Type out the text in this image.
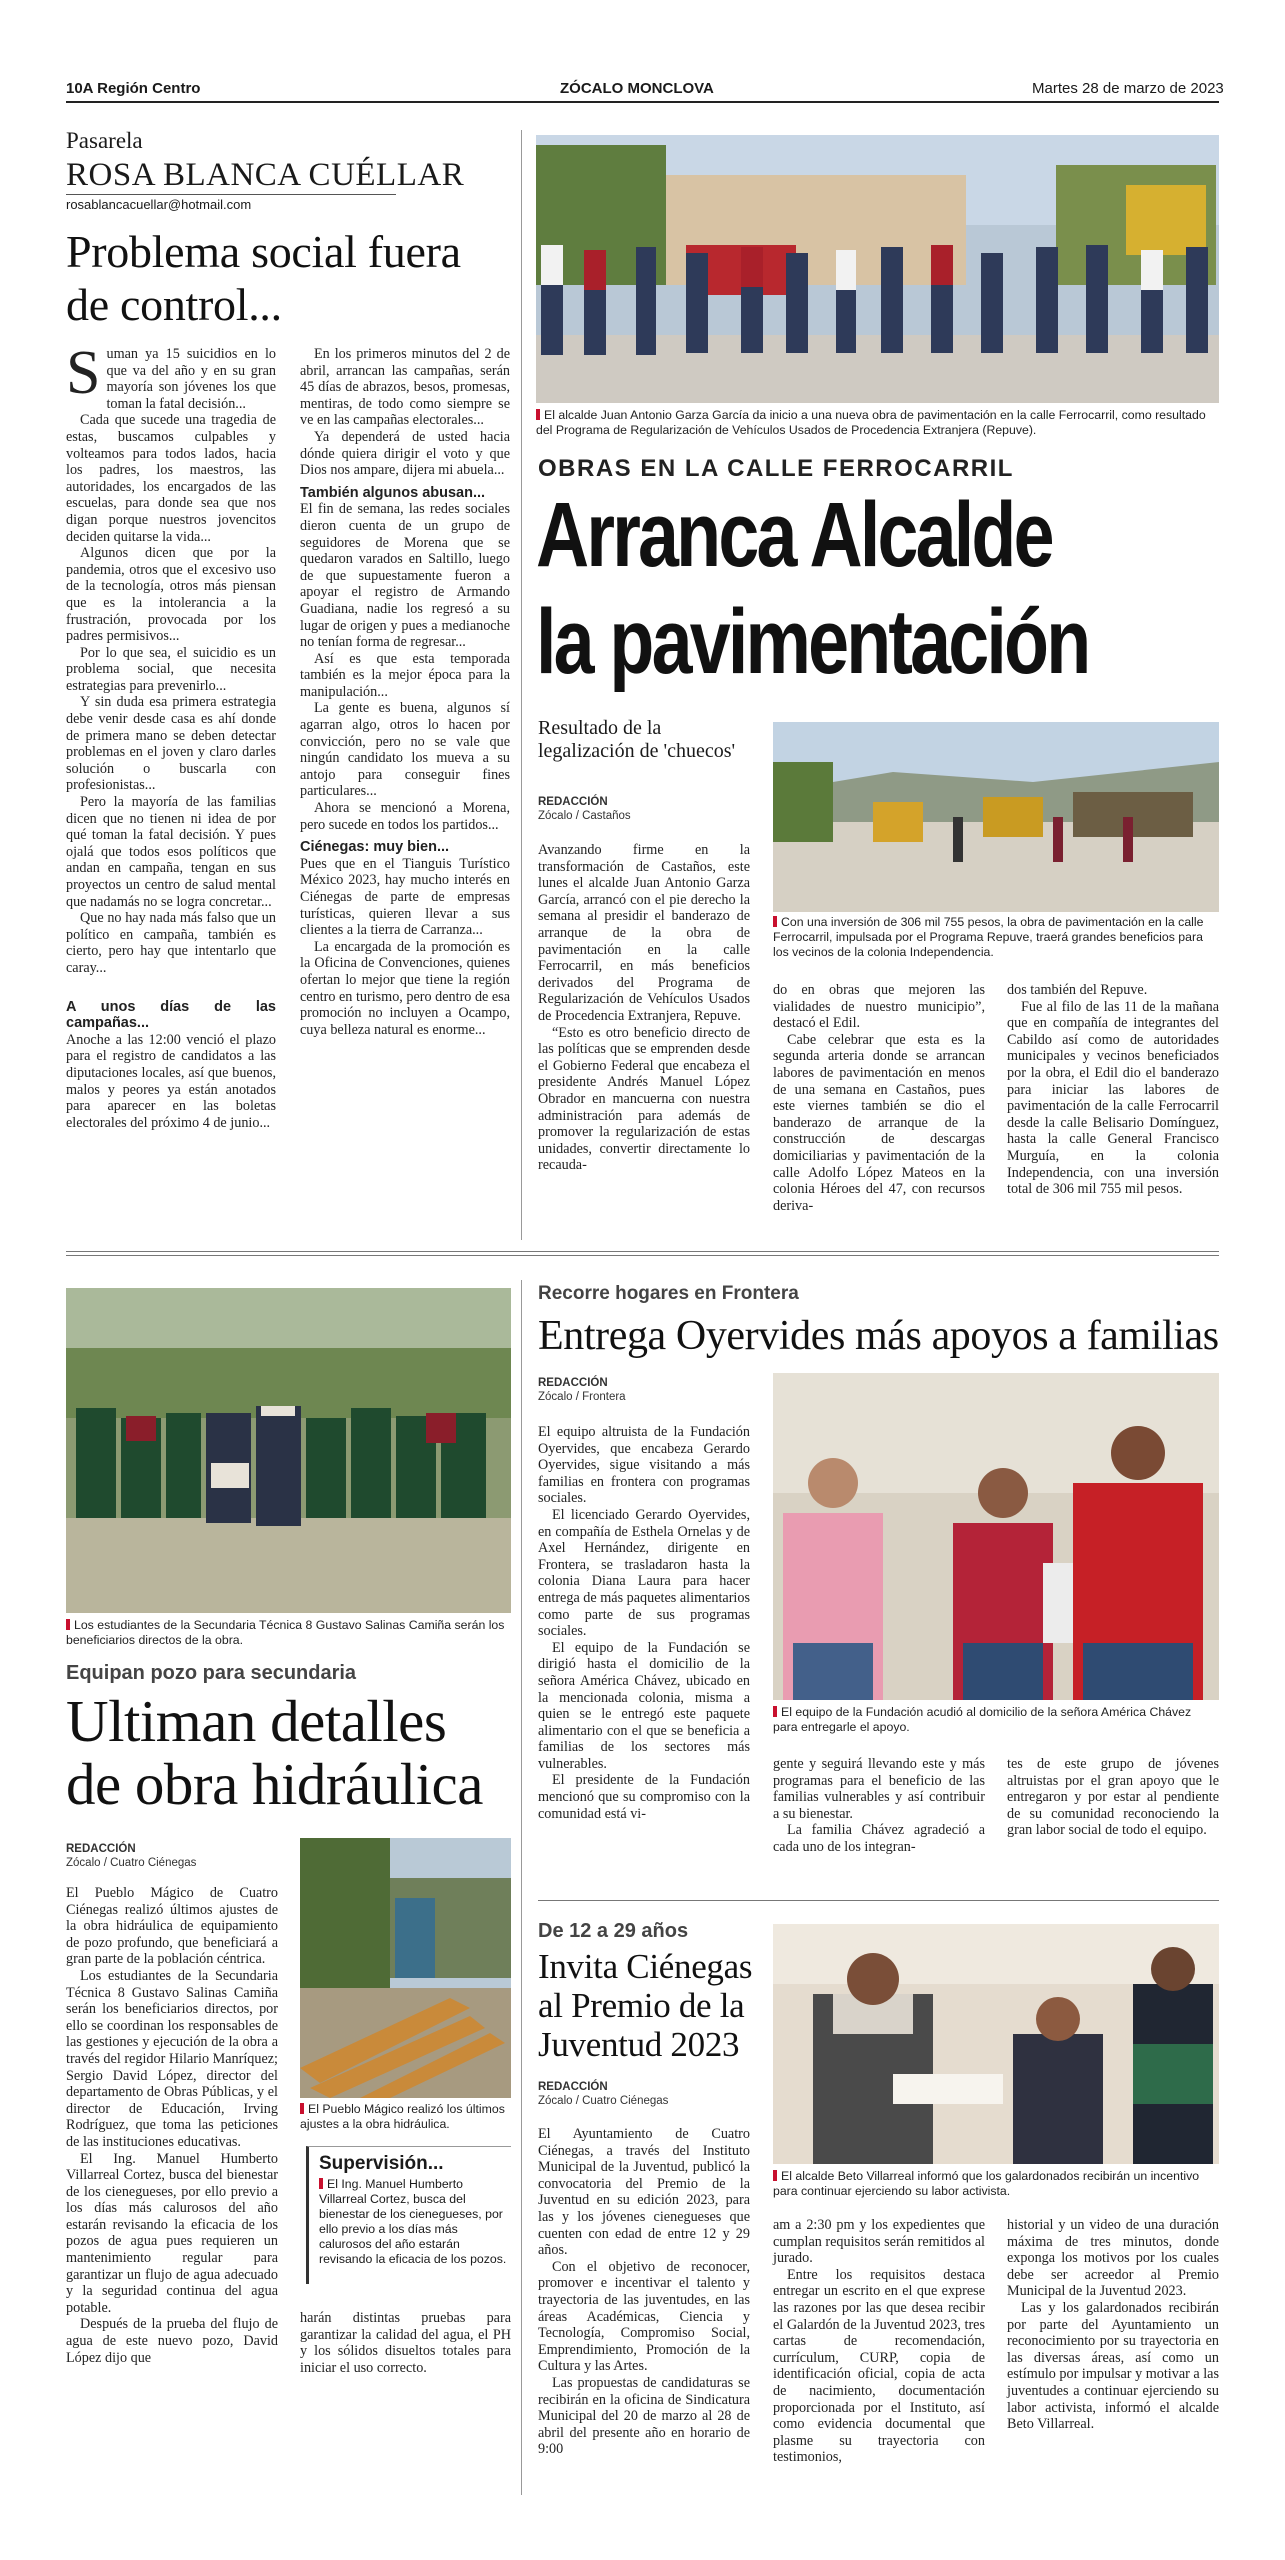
10A Región Centro	ZÓCALO MONCLOVA	Martes 28 de marzo de 2023
Pasarela
ROSA BLANCA CUÉLLAR
rosablancacuellar@hotmail.com
Problema social fuera
de control...
S uman ya 15 suicidios en lo que va del año y en su gran mayoría son jóvenes los que toman la fatal decisión...

Cada que sucede una tragedia de estas, buscamos culpables y volteamos para todos lados, hacia los padres, los maestros, las autoridades, los encargados de las escuelas, para donde sea que nos digan porque nuestros jovencitos deciden quitarse la vida...

Algunos dicen que por la pandemia, otros que el excesivo uso de la tecnología, otros más piensan que es la intolerancia a la frustración, provocada por los padres permisivos...

Por lo que sea, el suicidio es un problema social, que necesita estrategias para prevenirlo...

Y sin duda esa primera estrategia debe venir desde casa es ahí donde de primera mano se deben detectar problemas en el joven y claro darles solución o buscarla con profesionistas...

Pero la mayoría de las familias dicen que no tienen ni idea de por qué toman la fatal decisión. Y pues ojalá que todos esos políticos que andan en campaña, tengan en sus proyectos un centro de salud mental que nadamás no se logra concretar...

Que no hay nada más falso que un político en campaña, también es cierto, pero hay que intentarlo que caray...

A unos días de las campañas...

Anoche a las 12:00 venció el plazo para el registro de candidatos a las diputaciones locales, así que buenos, malos y peores ya están anotados para aparecer en las boletas electorales del próximo 4 de junio...

En los primeros minutos del 2 de abril, arrancan las campañas, serán 45 días de abrazos, besos, promesas, mentiras, de todo como siempre se ve en las campañas electorales...

Ya dependerá de usted hacia dónde quiera dirigir el voto y que Dios nos ampare, dijera mi abuela...

También algunos abusan...

El fin de semana, las redes sociales dieron cuenta de un grupo de seguidores de Morena que se quedaron varados en Saltillo, luego de que supuestamente fueron a apoyar el registro de Armando Guadiana, nadie los regresó a su lugar de origen y pues a medianoche no tenían forma de regresar...

Así es que esta temporada también es la mejor época para la manipulación...

La gente es buena, algunos sí agarran algo, otros lo hacen por convicción, pero no se vale que ningún candidato los mueva a su antojo para conseguir fines particulares...

Ahora se mencionó a Morena, pero sucede en todos los partidos...

Ciénegas: muy bien...

Pues que en el Tianguis Turístico México 2023, hay mucho interés en Ciénegas de parte de empresas turísticas, quieren llevar a sus clientes a la tierra de Carranza...

La encargada de la promoción es la Oficina de Convenciones, quienes ofertan lo mejor que tiene la región centro en turismo, pero dentro de esa promoción no incluyen a Ocampo, cuya belleza natural es enorme...

El alcalde Juan Antonio Garza García da inicio a una nueva obra de pavimentación en la calle Ferrocarril, como resultado del Programa de Regularización de Vehículos Usados de Procedencia Extranjera (Repuve).
OBRAS EN LA CALLE FERROCARRIL
Arranca Alcalde
la pavimentación
Resultado de la legalización de 'chuecos'
REDACCIÓN
Zócalo / Castaños
Con una inversión de 306 mil 755 pesos, la obra de pavimentación en la calle Ferrocarril, impulsada por el Programa Repuve, traerá grandes beneficios para los vecinos de la colonia Independencia.

Avanzando firme en la transformación de Castaños, este lunes el alcalde Juan Antonio Garza García, arrancó con el pie derecho la semana al presidir el banderazo de arranque de la obra de pavimentación en la calle Ferrocarril, en más beneficios derivados del Programa de Regularización de Vehículos Usados de Procedencia Extranjera, Repuve.

“Esto es otro beneficio directo de las políticas que se emprenden desde el Gobierno Federal que encabeza el presidente Andrés Manuel López Obrador en mancuerna con nuestra administración para además de promover la regularización de estas unidades, convertir directamente lo recauda-

do en obras que mejoren las vialidades de nuestro municipio”, destacó el Edil.

Cabe celebrar que esta es la segunda arteria donde se arrancan labores de pavimentación en menos de una semana en Castaños, pues este viernes también se dio el banderazo de arranque de la construcción de descargas domiciliarias y pavimentación de la calle Adolfo López Mateos en la colonia Héroes del 47, con recursos deriva-

dos también del Repuve.

Fue al filo de las 11 de la mañana que en compañía de integrantes del Cabildo así como de autoridades municipales y vecinos beneficiados por la obra, el Edil dio el banderazo para iniciar las labores de pavimentación de la calle Ferrocarril desde la calle Belisario Domínguez, hasta la calle General Francisco Murguía, en la colonia Independencia, con una inversión total de 306 mil 755 mil pesos.

Los estudiantes de la Secundaria Técnica 8 Gustavo Salinas Camiña serán los beneficiarios directos de la obra.
Equipan pozo para secundaria
Ultiman detalles
de obra hidráulica
REDACCIÓN
Zócalo / Cuatro Ciénegas

El Pueblo Mágico de Cuatro Ciénegas realizó últimos ajustes de la obra hidráulica de equipamiento de pozo profundo, que beneficiará a gran parte de la población céntrica.

Los estudiantes de la Secundaria Técnica 8 Gustavo Salinas Camiña serán los beneficiarios directos, por ello se coordinan los responsables de las gestiones y ejecución de la obra a través del regidor Hilario Manríquez; Sergio David López, director del departamento de Obras Públicas, y el director de Educación, Irving Rodríguez, que toma las peticiones de las instituciones educativas.

El Ing. Manuel Humberto Villarreal Cortez, busca del bienestar de los cienegueses, por ello previo a los días más calurosos del año estarán revisando la eficacia de los pozos de agua pues requieren un mantenimiento regular para garantizar un flujo de agua adecuado y la seguridad continua del agua potable.

Después de la prueba del flujo de agua de este nuevo pozo, David López dijo que

El Pueblo Mágico realizó los últimos ajustes a la obra hidráulica.
Supervisión...
El Ing. Manuel Humberto Villarreal Cortez, busca del bienestar de los cienegueses, por ello previo a los días más calurosos del año estarán revisando la eficacia de los pozos.

harán distintas pruebas para garantizar la calidad del agua, el PH y los sólidos disueltos totales para iniciar el uso correcto.

Recorre hogares en Frontera
Entrega Oyervides más apoyos a familias
REDACCIÓN
Zócalo / Frontera

El equipo altruista de la Fundación Oyervides, que encabeza Gerardo Oyervides, sigue visitando a más familias en frontera con programas sociales.

El licenciado Gerardo Oyervides, en compañía de Esthela Ornelas y de Axel Hernández, dirigente en Frontera, se trasladaron hasta la colonia Diana Laura para hacer entrega de más paquetes alimentarios como parte de sus programas sociales.

El equipo de la Fundación se dirigió hasta el domicilio de la señora América Chávez, ubicado en la mencionada colonia, misma a quien se le entregó este paquete alimentario con el que se beneficia a familias de los sectores más vulnerables.

El presidente de la Fundación mencionó que su compromiso con la comunidad está vi-

El equipo de la Fundación acudió al domicilio de la señora América Chávez para entregarle el apoyo.

gente y seguirá llevando este y más programas para el beneficio de las familias vulnerables y así contribuir a su bienestar.

La familia Chávez agradeció a cada uno de los integran-

tes de este grupo de jóvenes altruistas por el gran apoyo que le entregaron y por estar al pendiente de su comunidad reconociendo la gran labor social de todo el equipo.

De 12 a 29 años
Invita Ciénegas
al Premio de la
Juventud 2023
REDACCIÓN
Zócalo / Cuatro Ciénegas
El alcalde Beto Villarreal informó que los galardonados recibirán un incentivo para continuar ejerciendo su labor activista.

El Ayuntamiento de Cuatro Ciénegas, a través del Instituto Municipal de la Juventud, publicó la convocatoria del Premio de la Juventud en su edición 2023, para las y los jóvenes cienegueses que cuenten con edad de entre 12 y 29 años.

Con el objetivo de reconocer, promover e incentivar el talento y trayectoria de las juventudes, en las áreas Académicas, Ciencia y Tecnología, Compromiso Social, Emprendimiento, Promoción de la Cultura y las Artes.

Las propuestas de candidaturas se recibirán en la oficina de Sindicatura Municipal del 20 de marzo al 28 de abril del presente año en horario de 9:00

am a 2:30 pm y los expedientes que cumplan requisitos serán remitidos al jurado.

Entre los requisitos destaca entregar un escrito en el que exprese las razones por las que desea recibir el Galardón de la Juventud 2023, tres cartas de recomendación, currículum, CURP, copia de identificación oficial, copia de acta de nacimiento, documentación proporcionada por el Instituto, así como evidencia documental que plasme su trayectoria con testimonios,

historial y un video de una duración máxima de tres minutos, donde exponga los motivos por los cuales debe ser acreedor al Premio Municipal de la Juventud 2023.

Las y los galardonados recibirán por parte del Ayuntamiento un reconocimiento por su trayectoria en las diversas áreas, así como un estímulo por impulsar y motivar a las juventudes a continuar ejerciendo su labor activista, informó el alcalde Beto Villarreal.
